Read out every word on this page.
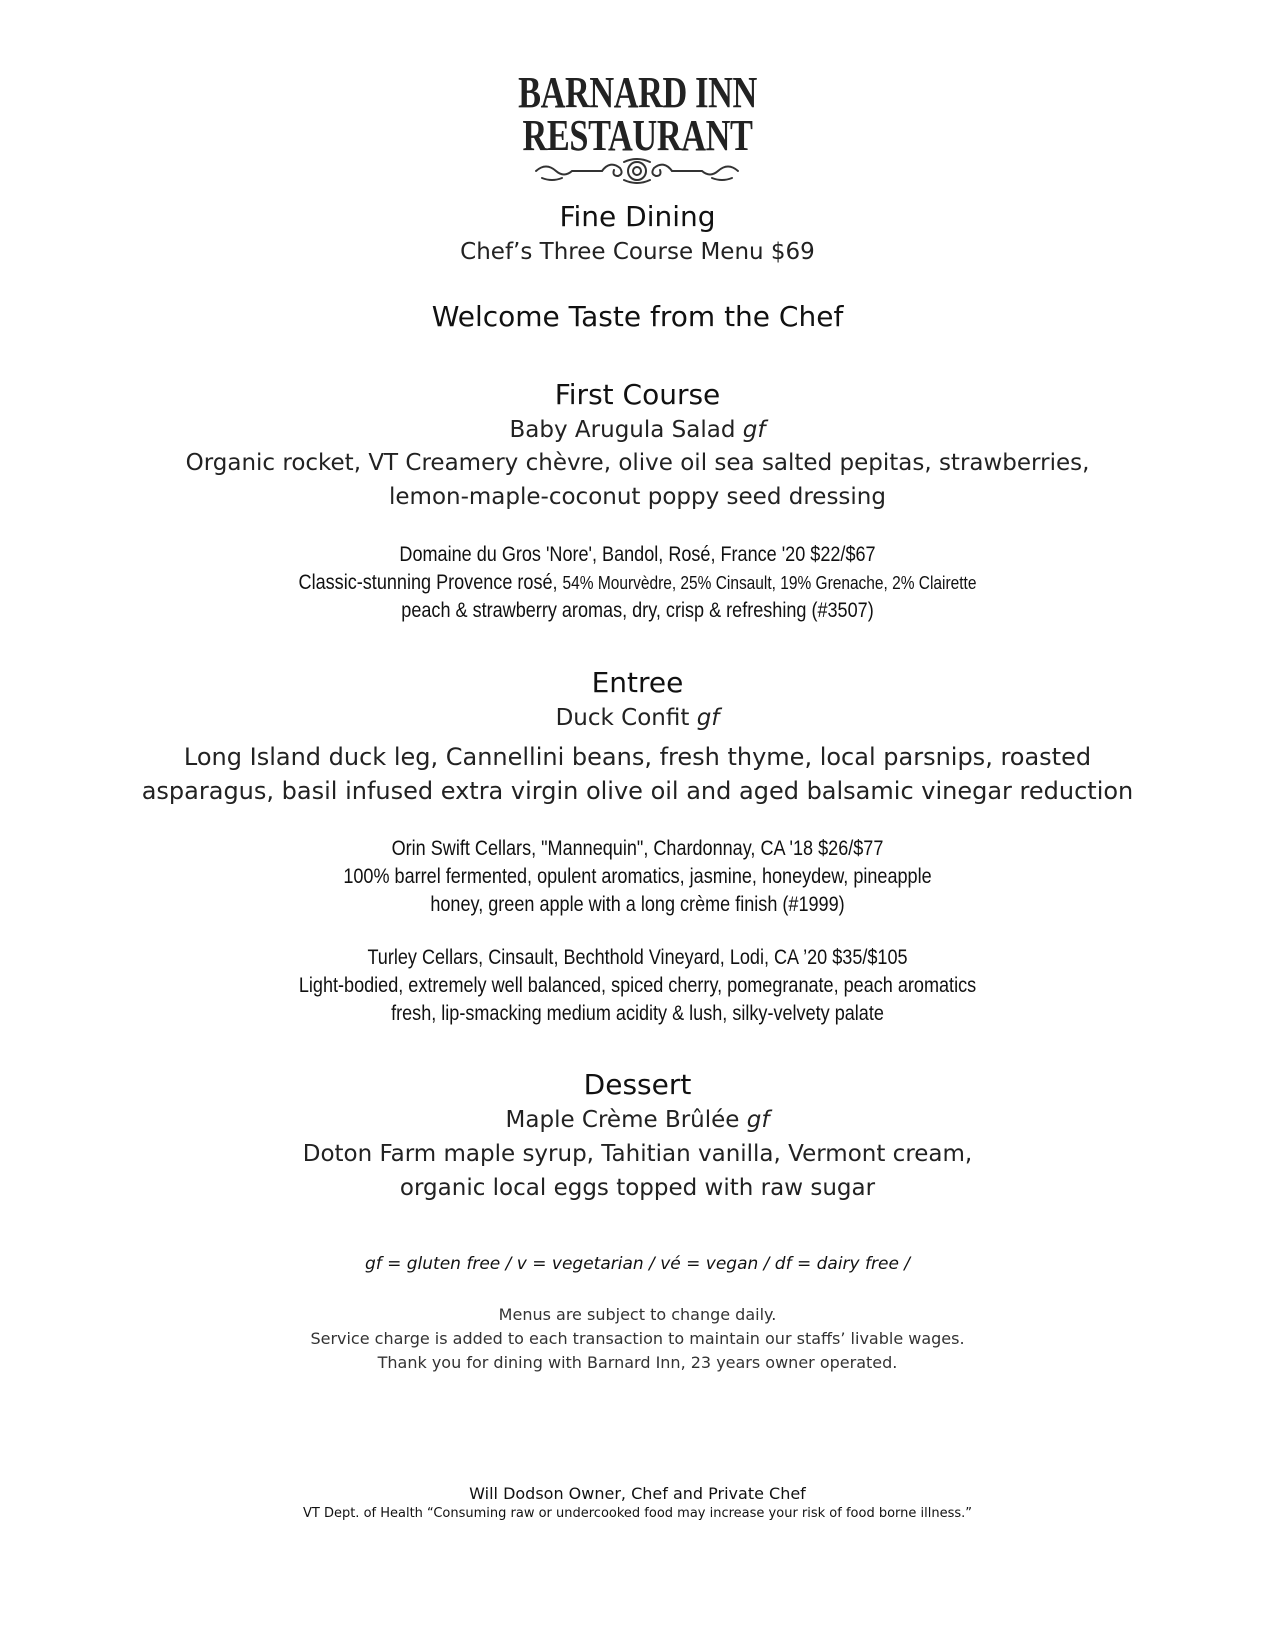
BARNARD INN
RESTAURANT
Fine Dining
Chef’s Three Course Menu $69
Welcome Taste from the Chef
First Course
Baby Arugula Salad gf
Organic rocket, VT Creamery chèvre, olive oil sea salted pepitas, strawberries,
lemon-maple-coconut poppy seed dressing
Domaine du Gros 'Nore', Bandol, Rosé, France '20 $22/$67
Classic-stunning Provence rosé, 54% Mourvèdre, 25% Cinsault, 19% Grenache, 2% Clairette
peach & strawberry aromas, dry, crisp & refreshing (#3507)
Entree
Duck Confit gf
Long Island duck leg, Cannellini beans, fresh thyme, local parsnips, roasted
asparagus, basil infused extra virgin olive oil and aged balsamic vinegar reduction
Orin Swift Cellars, "Mannequin", Chardonnay, CA '18 $26/$77
100% barrel fermented, opulent aromatics, jasmine, honeydew, pineapple
honey, green apple with a long crème finish (#1999)
Turley Cellars, Cinsault, Bechthold Vineyard, Lodi, CA ’20 $35/$105
Light-bodied, extremely well balanced, spiced cherry, pomegranate, peach aromatics
fresh, lip-smacking medium acidity & lush, silky-velvety palate
Dessert
Maple Crème Brûlée gf
Doton Farm maple syrup, Tahitian vanilla, Vermont cream,
organic local eggs topped with raw sugar
gf = gluten free / v = vegetarian / vé = vegan / df = dairy free /
Menus are subject to change daily.
Service charge is added to each transaction to maintain our staffs’ livable wages.
Thank you for dining with Barnard Inn, 23 years owner operated.
Will Dodson Owner, Chef and Private Chef
VT Dept. of Health “Consuming raw or undercooked food may increase your risk of food borne illness.”
